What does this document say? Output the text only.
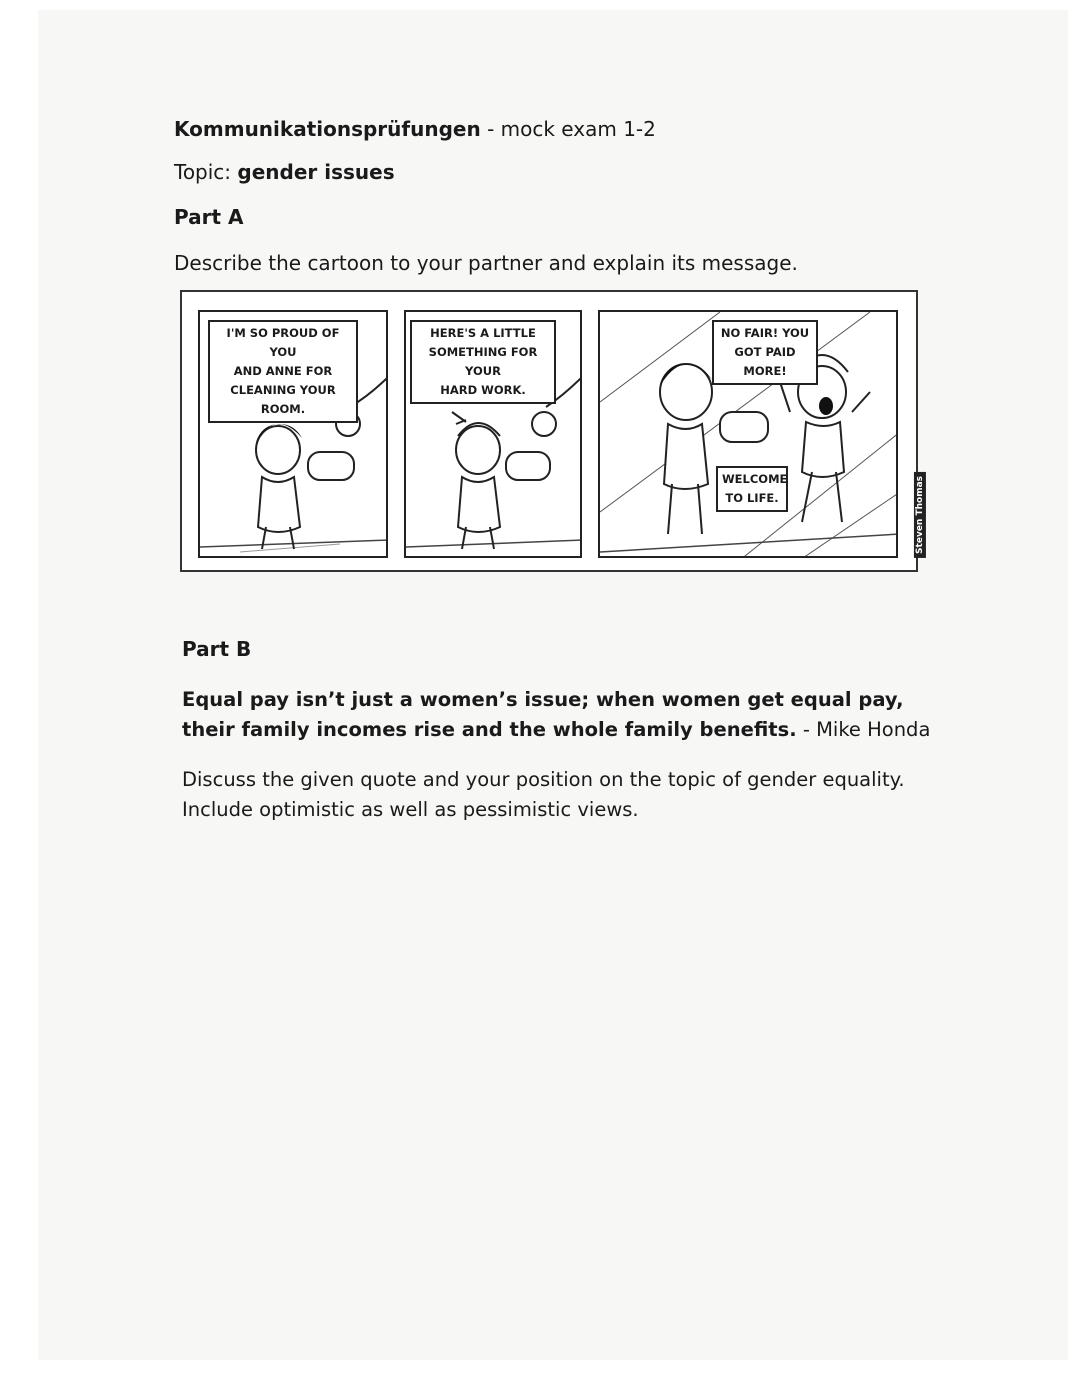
Kommunikationsprüfungen - mock exam 1-2
Topic: gender issues
Part A
Describe the cartoon to your partner and explain its message.
I'M SO PROUD OF YOU
AND ANNE FOR
CLEANING YOUR ROOM.
HERE'S A LITTLE
SOMETHING FOR YOUR
HARD WORK.
NO FAIR! YOU
GOT PAID MORE!
WELCOME
TO LIFE.	Steven Thomas
Part B
Equal pay isn’t just a women’s issue; when women get equal pay, their family incomes rise and the whole family benefits. - Mike Honda
Discuss the given quote and your position on the topic of gender equality. Include optimistic as well as pessimistic views.
